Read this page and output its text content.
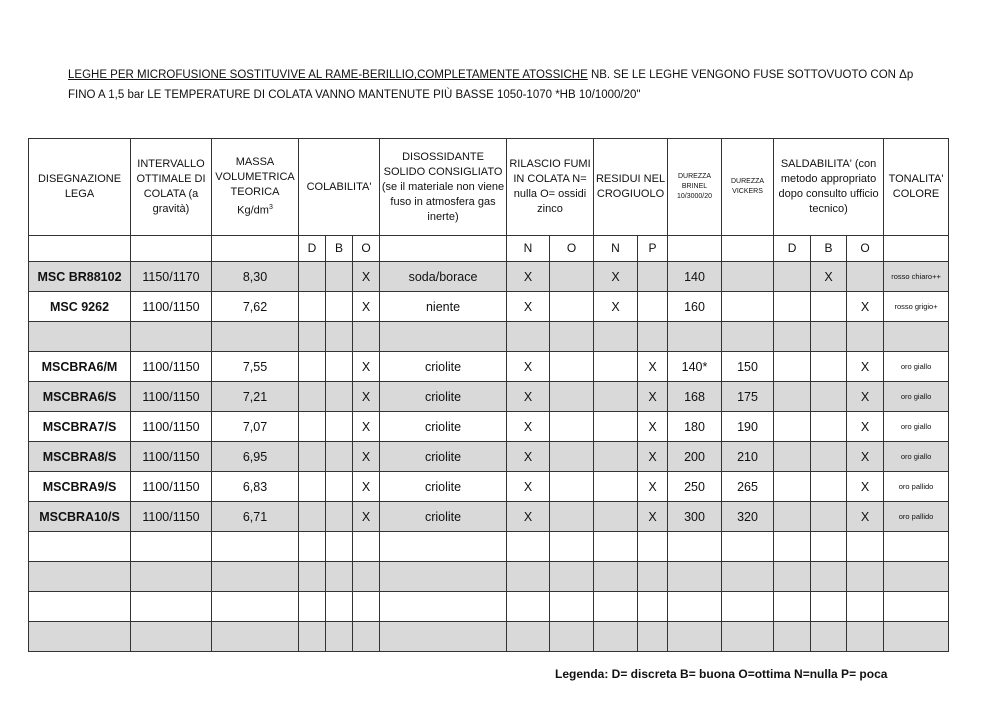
LEGHE PER MICROFUSIONE SOSTITUVIVE AL RAME-BERILLIO,COMPLETAMENTE ATOSSICHE NB. SE LE LEGHE VENGONO FUSE SOTTOVUOTO CON Δp FINO A 1,5 bar LE TEMPERATURE DI COLATA VANNO MANTENUTE PIÙ BASSE 1050-1070 *HB 10/1000/20"
DISEGNAZIONE LEGA	INTERVALLO OTTIMALE DI COLATA (a gravità)	MASSA VOLUMETRICA TEORICA $Kg/dm^3$	COLABILITA'			DISOSSIDANTE SOLIDO CONSIGLIATO (se il materiale non viene fuso in atmosfera gas inerte)	RILASCIO FUMI IN COLATA N= nulla O= ossidi zinco		RESIDUI NEL CROGIUOLO		DUREZZA BRINEL 10/3000/20	DUREZZA VICKERS	SALDABILITA' (con metodo appropriato dopo consulto ufficio tecnico)			TONALITA' COLORE
			D	B	O		N	O	N	P			D	B	O	
MSC BR88102	1150/1170	8,30			X	soda/borace	X		X		140			X		rosso chiaro++
MSC 9262	1100/1150	7,62			X	niente	X		X		160				X	rosso grigio+

MSCBRA6/M	1100/1150	7,55			X	criolite	X			X	140*	150			X	oro giallo
MSCBRA6/S	1100/1150	7,21			X	criolite	X			X	168	175			X	oro giallo
MSCBRA7/S	1100/1150	7,07			X	criolite	X			X	180	190			X	oro giallo
MSCBRA8/S	1100/1150	6,95			X	criolite	X			X	200	210			X	oro giallo
MSCBRA9/S	1100/1150	6,83			X	criolite	X			X	250	265			X	oro pallido
MSCBRA10/S	1100/1150	6,71			X	criolite	X			X	300	320			X	oro pallido

Legenda: D= discreta B= buona O=ottima N=nulla P= poca
